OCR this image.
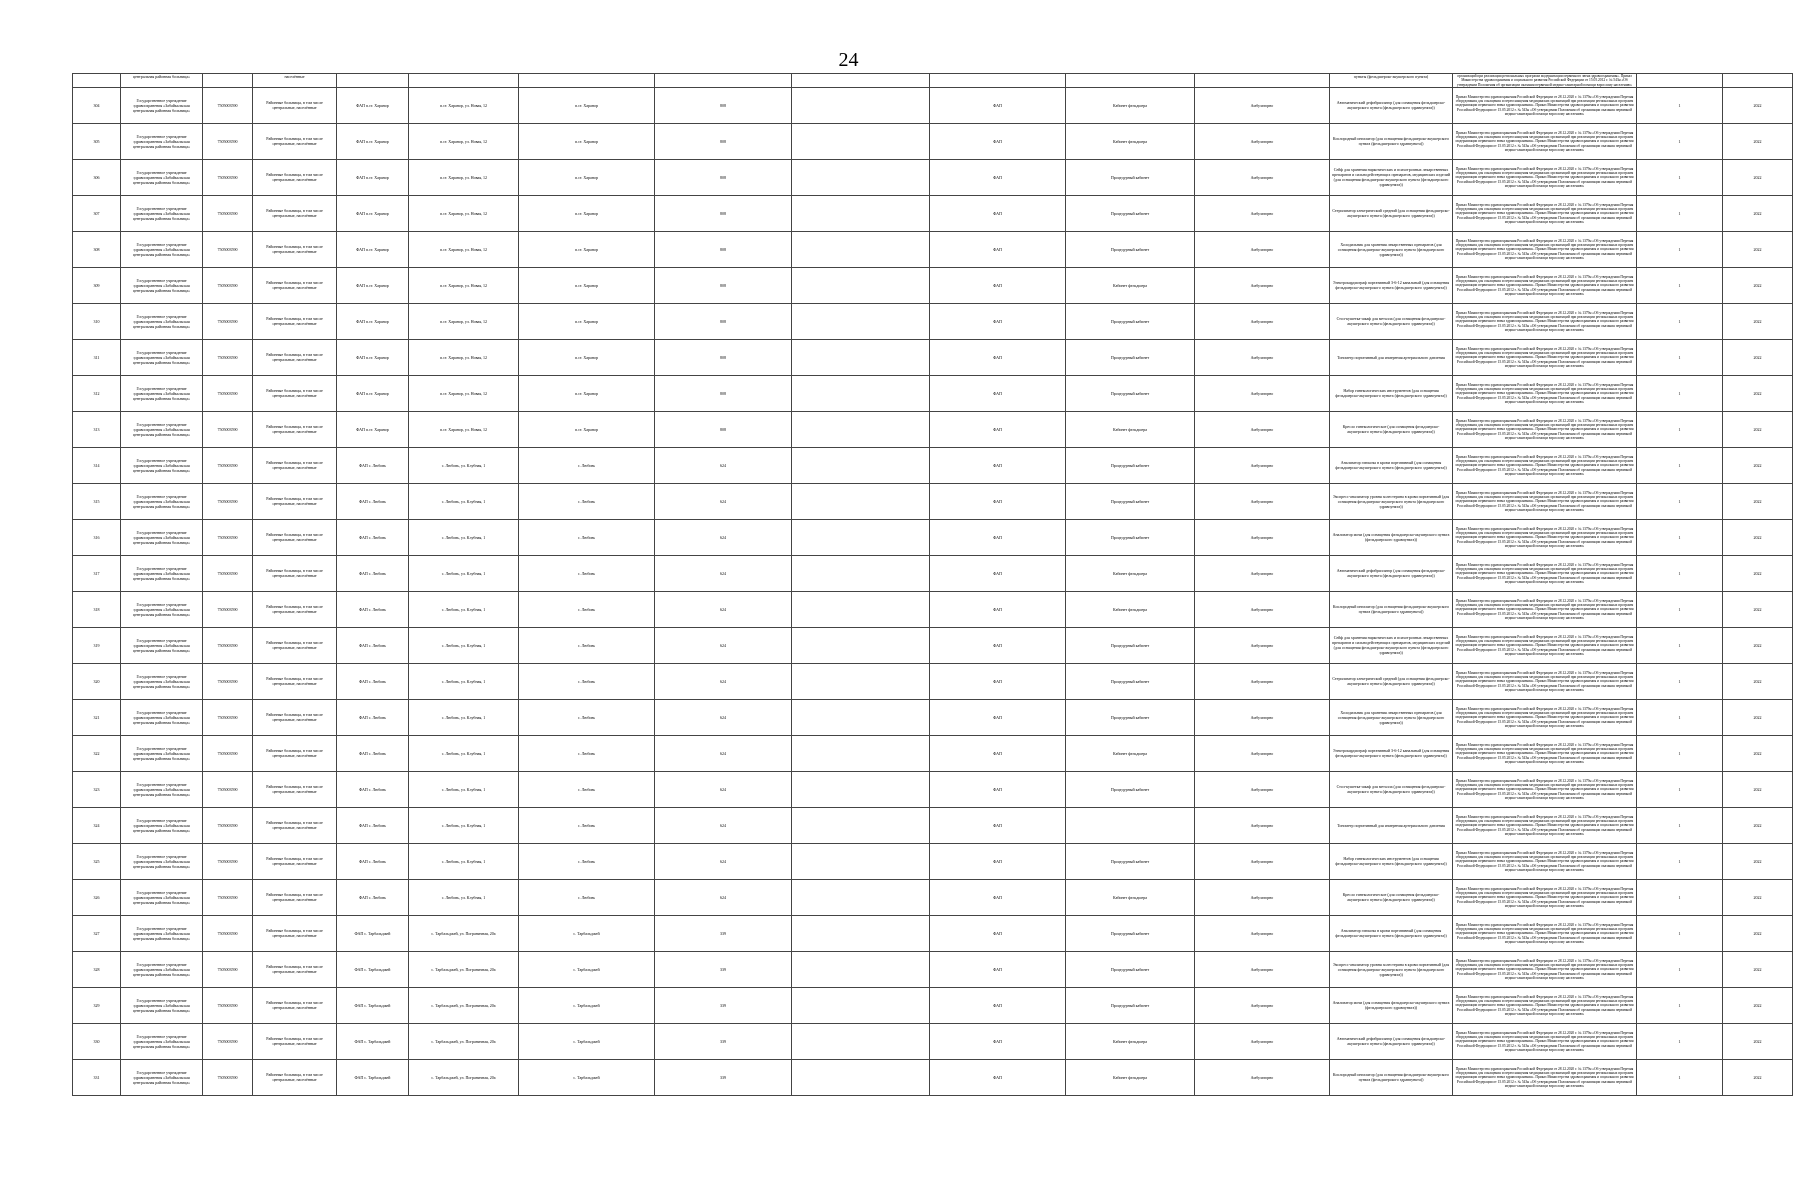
24
	центральная районная больница»		населённые									пункты (фельдшерско-акушерского пункта)	организаций при реализации региональных программ модернизации первичного звена здравоохранения». Приказ Министерства здравоохранения и социального развития Российской Федерации от 15.05.2012 г. № 543н «Об утверждении Положения об организации оказания первичной медико-санитарной помощи взрослому населению»		
304	Государственное учреждение здравоохранения «Забайкальская центральная районная больница»	7505003590	Районные больницы, в том числе центральные, населённые	ФАП п.ст. Харанор	п.ст. Харанор, ул. Новая, 12	п.ст. Харанор	808		ФАП	Кабинет фельдшера	Амбулаторно	Автоматический дефибриллятор (для оснащения фельдшерско-акушерского пункта (фельдшерского здравпункта))	Приказ Министерства здравоохранения Российской Федерации от 28.12.2020 г. № 1379н «Об утверждении Перечня оборудования для оснащения и переоснащения медицинских организаций при реализации региональных программ модернизации первичного звена здравоохранения». Приказ Министерства здравоохранения и социального развития Российской Федерации от 15.05.2012 г. № 543н «Об утверждении Положения об организации оказания первичной медико-санитарной помощи взрослому населению»	1	2022
305	Государственное учреждение здравоохранения «Забайкальская центральная районная больница»	7505003590	Районные больницы, в том числе центральные, населённые	ФАП п.ст. Харанор	п.ст. Харанор, ул. Новая, 12	п.ст. Харанор	808		ФАП	Кабинет фельдшера	Амбулаторно	Кислородный ингалятор (для оснащения фельдшерско-акушерского пункта (фельдшерского здравпункта))	Приказ Министерства здравоохранения Российской Федерации от 28.12.2020 г. № 1379н «Об утверждении Перечня оборудования для оснащения и переоснащения медицинских организаций при реализации региональных программ модернизации первичного звена здравоохранения». Приказ Министерства здравоохранения и социального развития Российской Федерации от 15.05.2012 г. № 543н «Об утверждении Положения об организации оказания первичной медико-санитарной помощи взрослому населению»	1	2022
306	Государственное учреждение здравоохранения «Забайкальская центральная районная больница»	7505003590	Районные больницы, в том числе центральные, населённые	ФАП п.ст. Харанор	п.ст. Харанор, ул. Новая, 12	п.ст. Харанор	808		ФАП	Процедурный кабинет	Амбулаторно	Сейф для хранения наркотических и психотропных лекарственных препаратов и сильнодействующих препаратов, медицинских изделий (для оснащения фельдшерско-акушерского пункта (фельдшерского здравпункта))	Приказ Министерства здравоохранения Российской Федерации от 28.12.2020 г. № 1379н «Об утверждении Перечня оборудования для оснащения и переоснащения медицинских организаций при реализации региональных программ модернизации первичного звена здравоохранения». Приказ Министерства здравоохранения и социального развития Российской Федерации от 15.05.2012 г. № 543н «Об утверждении Положения об организации оказания первичной медико-санитарной помощи взрослому населению»	1	2022
307	Государственное учреждение здравоохранения «Забайкальская центральная районная больница»	7505003590	Районные больницы, в том числе центральные, населённые	ФАП п.ст. Харанор	п.ст. Харанор, ул. Новая, 12	п.ст. Харанор	808		ФАП	Процедурный кабинет	Амбулаторно	Стерилизатор электрический средний (для оснащения фельдшерско-акушерского пункта (фельдшерского здравпункта))	Приказ Министерства здравоохранения Российской Федерации от 28.12.2020 г. № 1379н «Об утверждении Перечня оборудования для оснащения и переоснащения медицинских организаций при реализации региональных программ модернизации первичного звена здравоохранения». Приказ Министерства здравоохранения и социального развития Российской Федерации от 15.05.2012 г. № 543н «Об утверждении Положения об организации оказания первичной медико-санитарной помощи взрослому населению»	1	2022
308	Государственное учреждение здравоохранения «Забайкальская центральная районная больница»	7505003590	Районные больницы, в том числе центральные, населённые	ФАП п.ст. Харанор	п.ст. Харанор, ул. Новая, 12	п.ст. Харанор	808		ФАП	Процедурный кабинет	Амбулаторно	Холодильник для хранения лекарственных препаратов (для оснащения фельдшерско-акушерского пункта (фельдшерского здравпункта))	Приказ Министерства здравоохранения Российской Федерации от 28.12.2020 г. № 1379н «Об утверждении Перечня оборудования для оснащения и переоснащения медицинских организаций при реализации региональных программ модернизации первичного звена здравоохранения». Приказ Министерства здравоохранения и социального развития Российской Федерации от 15.05.2012 г. № 543н «Об утверждении Положения об организации оказания первичной медико-санитарной помощи взрослому населению»	1	2022
309	Государственное учреждение здравоохранения «Забайкальская центральная районная больница»	7505003590	Районные больницы, в том числе центральные, населённые	ФАП п.ст. Харанор	п.ст. Харанор, ул. Новая, 12	п.ст. Харанор	808		ФАП	Кабинет фельдшера	Амбулаторно	Электрокардиограф портативный 3-6-12 канальный (для оснащения фельдшерско-акушерского пункта (фельдшерского здравпункта))	Приказ Министерства здравоохранения Российской Федерации от 28.12.2020 г. № 1379н «Об утверждении Перечня оборудования для оснащения и переоснащения медицинских организаций при реализации региональных программ модернизации первичного звена здравоохранения». Приказ Министерства здравоохранения и социального развития Российской Федерации от 15.05.2012 г. № 543н «Об утверждении Положения об организации оказания первичной медико-санитарной помощи взрослому населению»	1	2022
310	Государственное учреждение здравоохранения «Забайкальская центральная районная больница»	7505003590	Районные больницы, в том числе центральные, населённые	ФАП п.ст. Харанор	п.ст. Харанор, ул. Новая, 12	п.ст. Харанор	808		ФАП	Процедурный кабинет	Амбулаторно	Стол-кушетка-шкаф для металла (для оснащения фельдшерско-акушерского пункта (фельдшерского здравпункта))	Приказ Министерства здравоохранения Российской Федерации от 28.12.2020 г. № 1379н «Об утверждении Перечня оборудования для оснащения и переоснащения медицинских организаций при реализации региональных программ модернизации первичного звена здравоохранения». Приказ Министерства здравоохранения и социального развития Российской Федерации от 15.05.2012 г. № 543н «Об утверждении Положения об организации оказания первичной медико-санитарной помощи взрослому населению»	1	2022
311	Государственное учреждение здравоохранения «Забайкальская центральная районная больница»	7505003590	Районные больницы, в том числе центральные, населённые	ФАП п.ст. Харанор	п.ст. Харанор, ул. Новая, 12	п.ст. Харанор	808		ФАП	Процедурный кабинет	Амбулаторно	Тонометр портативный для измерения артериального давления	Приказ Министерства здравоохранения Российской Федерации от 28.12.2020 г. № 1379н «Об утверждении Перечня оборудования для оснащения и переоснащения медицинских организаций при реализации региональных программ модернизации первичного звена здравоохранения». Приказ Министерства здравоохранения и социального развития Российской Федерации от 15.05.2012 г. № 543н «Об утверждении Положения об организации оказания первичной медико-санитарной помощи взрослому населению»	1	2022
312	Государственное учреждение здравоохранения «Забайкальская центральная районная больница»	7505003590	Районные больницы, в том числе центральные, населённые	ФАП п.ст. Харанор	п.ст. Харанор, ул. Новая, 12	п.ст. Харанор	808		ФАП	Процедурный кабинет	Амбулаторно	Набор гинекологических инструментов (для оснащения фельдшерско-акушерского пункта (фельдшерского здравпункта))	Приказ Министерства здравоохранения Российской Федерации от 28.12.2020 г. № 1379н «Об утверждении Перечня оборудования для оснащения и переоснащения медицинских организаций при реализации региональных программ модернизации первичного звена здравоохранения». Приказ Министерства здравоохранения и социального развития Российской Федерации от 15.05.2012 г. № 543н «Об утверждении Положения об организации оказания первичной медико-санитарной помощи взрослому населению»	1	2022
313	Государственное учреждение здравоохранения «Забайкальская центральная районная больница»	7505003590	Районные больницы, в том числе центральные, населённые	ФАП п.ст. Харанор	п.ст. Харанор, ул. Новая, 12	п.ст. Харанор	808		ФАП	Кабинет фельдшера	Амбулаторно	Кресло гинекологическое (для оснащения фельдшерско-акушерского пункта (фельдшерского здравпункта))	Приказ Министерства здравоохранения Российской Федерации от 28.12.2020 г. № 1379н «Об утверждении Перечня оборудования для оснащения и переоснащения медицинских организаций при реализации региональных программ модернизации первичного звена здравоохранения». Приказ Министерства здравоохранения и социального развития Российской Федерации от 15.05.2012 г. № 543н «Об утверждении Положения об организации оказания первичной медико-санитарной помощи взрослому населению»	1	2022
314	Государственное учреждение здравоохранения «Забайкальская центральная районная больница»	7505003590	Районные больницы, в том числе центральные, населённые	ФАП с. Любовь	с. Любовь, ул. Клубная, 1	с. Любовь	624		ФАП	Процедурный кабинет	Амбулаторно	Анализатор глюкозы в крови портативный (для оснащения фельдшерско-акушерского пункта (фельдшерского здравпункта))	Приказ Министерства здравоохранения Российской Федерации от 28.12.2020 г. № 1379н «Об утверждении Перечня оборудования для оснащения и переоснащения медицинских организаций при реализации региональных программ модернизации первичного звена здравоохранения». Приказ Министерства здравоохранения и социального развития Российской Федерации от 15.05.2012 г. № 543н «Об утверждении Положения об организации оказания первичной медико-санитарной помощи взрослому населению»	1	2022
315	Государственное учреждение здравоохранения «Забайкальская центральная районная больница»	7505003590	Районные больницы, в том числе центральные, населённые	ФАП с. Любовь	с. Любовь, ул. Клубная, 1	с. Любовь	624		ФАП	Процедурный кабинет	Амбулаторно	Экспресс-анализатор уровня холестерина в крови портативный (для оснащения фельдшерско-акушерского пункта (фельдшерского здравпункта))	Приказ Министерства здравоохранения Российской Федерации от 28.12.2020 г. № 1379н «Об утверждении Перечня оборудования для оснащения и переоснащения медицинских организаций при реализации региональных программ модернизации первичного звена здравоохранения». Приказ Министерства здравоохранения и социального развития Российской Федерации от 15.05.2012 г. № 543н «Об утверждении Положения об организации оказания первичной медико-санитарной помощи взрослому населению»	1	2022
316	Государственное учреждение здравоохранения «Забайкальская центральная районная больница»	7505003590	Районные больницы, в том числе центральные, населённые	ФАП с. Любовь	с. Любовь, ул. Клубная, 1	с. Любовь	624		ФАП	Процедурный кабинет	Амбулаторно	Анализатор мочи (для оснащения фельдшерско-акушерского пункта (фельдшерского здравпункта))	Приказ Министерства здравоохранения Российской Федерации от 28.12.2020 г. № 1379н «Об утверждении Перечня оборудования для оснащения и переоснащения медицинских организаций при реализации региональных программ модернизации первичного звена здравоохранения». Приказ Министерства здравоохранения и социального развития Российской Федерации от 15.05.2012 г. № 543н «Об утверждении Положения об организации оказания первичной медико-санитарной помощи взрослому населению»	1	2022
317	Государственное учреждение здравоохранения «Забайкальская центральная районная больница»	7505003590	Районные больницы, в том числе центральные, населённые	ФАП с. Любовь	с. Любовь, ул. Клубная, 1	с. Любовь	624		ФАП	Кабинет фельдшера	Амбулаторно	Автоматический дефибриллятор (для оснащения фельдшерско-акушерского пункта (фельдшерского здравпункта))	Приказ Министерства здравоохранения Российской Федерации от 28.12.2020 г. № 1379н «Об утверждении Перечня оборудования для оснащения и переоснащения медицинских организаций при реализации региональных программ модернизации первичного звена здравоохранения». Приказ Министерства здравоохранения и социального развития Российской Федерации от 15.05.2012 г. № 543н «Об утверждении Положения об организации оказания первичной медико-санитарной помощи взрослому населению»	1	2022
318	Государственное учреждение здравоохранения «Забайкальская центральная районная больница»	7505003590	Районные больницы, в том числе центральные, населённые	ФАП с. Любовь	с. Любовь, ул. Клубная, 1	с. Любовь	624		ФАП	Кабинет фельдшера	Амбулаторно	Кислородный ингалятор (для оснащения фельдшерско-акушерского пункта (фельдшерского здравпункта))	Приказ Министерства здравоохранения Российской Федерации от 28.12.2020 г. № 1379н «Об утверждении Перечня оборудования для оснащения и переоснащения медицинских организаций при реализации региональных программ модернизации первичного звена здравоохранения». Приказ Министерства здравоохранения и социального развития Российской Федерации от 15.05.2012 г. № 543н «Об утверждении Положения об организации оказания первичной медико-санитарной помощи взрослому населению»	1	2022
319	Государственное учреждение здравоохранения «Забайкальская центральная районная больница»	7505003590	Районные больницы, в том числе центральные, населённые	ФАП с. Любовь	с. Любовь, ул. Клубная, 1	с. Любовь	624		ФАП	Процедурный кабинет	Амбулаторно	Сейф для хранения наркотических и психотропных лекарственных препаратов и сильнодействующих препаратов, медицинских изделий (для оснащения фельдшерско-акушерского пункта (фельдшерского здравпункта))	Приказ Министерства здравоохранения Российской Федерации от 28.12.2020 г. № 1379н «Об утверждении Перечня оборудования для оснащения и переоснащения медицинских организаций при реализации региональных программ модернизации первичного звена здравоохранения». Приказ Министерства здравоохранения и социального развития Российской Федерации от 15.05.2012 г. № 543н «Об утверждении Положения об организации оказания первичной медико-санитарной помощи взрослому населению»	1	2022
320	Государственное учреждение здравоохранения «Забайкальская центральная районная больница»	7505003590	Районные больницы, в том числе центральные, населённые	ФАП с. Любовь	с. Любовь, ул. Клубная, 1	с. Любовь	624		ФАП	Процедурный кабинет	Амбулаторно	Стерилизатор электрический средний (для оснащения фельдшерско-акушерского пункта (фельдшерского здравпункта))	Приказ Министерства здравоохранения Российской Федерации от 28.12.2020 г. № 1379н «Об утверждении Перечня оборудования для оснащения и переоснащения медицинских организаций при реализации региональных программ модернизации первичного звена здравоохранения». Приказ Министерства здравоохранения и социального развития Российской Федерации от 15.05.2012 г. № 543н «Об утверждении Положения об организации оказания первичной медико-санитарной помощи взрослому населению»	1	2022
321	Государственное учреждение здравоохранения «Забайкальская центральная районная больница»	7505003590	Районные больницы, в том числе центральные, населённые	ФАП с. Любовь	с. Любовь, ул. Клубная, 1	с. Любовь	624		ФАП	Процедурный кабинет	Амбулаторно	Холодильник для хранения лекарственных препаратов (для оснащения фельдшерско-акушерского пункта (фельдшерского здравпункта))	Приказ Министерства здравоохранения Российской Федерации от 28.12.2020 г. № 1379н «Об утверждении Перечня оборудования для оснащения и переоснащения медицинских организаций при реализации региональных программ модернизации первичного звена здравоохранения». Приказ Министерства здравоохранения и социального развития Российской Федерации от 15.05.2012 г. № 543н «Об утверждении Положения об организации оказания первичной медико-санитарной помощи взрослому населению»	1	2022
322	Государственное учреждение здравоохранения «Забайкальская центральная районная больница»	7505003590	Районные больницы, в том числе центральные, населённые	ФАП с. Любовь	с. Любовь, ул. Клубная, 1	с. Любовь	624		ФАП	Кабинет фельдшера	Амбулаторно	Электрокардиограф портативный 3-6-12 канальный (для оснащения фельдшерско-акушерского пункта (фельдшерского здравпункта))	Приказ Министерства здравоохранения Российской Федерации от 28.12.2020 г. № 1379н «Об утверждении Перечня оборудования для оснащения и переоснащения медицинских организаций при реализации региональных программ модернизации первичного звена здравоохранения». Приказ Министерства здравоохранения и социального развития Российской Федерации от 15.05.2012 г. № 543н «Об утверждении Положения об организации оказания первичной медико-санитарной помощи взрослому населению»	1	2022
323	Государственное учреждение здравоохранения «Забайкальская центральная районная больница»	7505003590	Районные больницы, в том числе центральные, населённые	ФАП с. Любовь	с. Любовь, ул. Клубная, 1	с. Любовь	624		ФАП	Процедурный кабинет	Амбулаторно	Стол-кушетка-шкаф для металла (для оснащения фельдшерско-акушерского пункта (фельдшерского здравпункта))	Приказ Министерства здравоохранения Российской Федерации от 28.12.2020 г. № 1379н «Об утверждении Перечня оборудования для оснащения и переоснащения медицинских организаций при реализации региональных программ модернизации первичного звена здравоохранения». Приказ Министерства здравоохранения и социального развития Российской Федерации от 15.05.2012 г. № 543н «Об утверждении Положения об организации оказания первичной медико-санитарной помощи взрослому населению»	1	2022
324	Государственное учреждение здравоохранения «Забайкальская центральная районная больница»	7505003590	Районные больницы, в том числе центральные, населённые	ФАП с. Любовь	с. Любовь, ул. Клубная, 1	с. Любовь	624		ФАП		Амбулаторно	Тонометр портативный для измерения артериального давления	Приказ Министерства здравоохранения Российской Федерации от 28.12.2020 г. № 1379н «Об утверждении Перечня оборудования для оснащения и переоснащения медицинских организаций при реализации региональных программ модернизации первичного звена здравоохранения». Приказ Министерства здравоохранения и социального развития Российской Федерации от 15.05.2012 г. № 543н «Об утверждении Положения об организации оказания первичной медико-санитарной помощи взрослому населению»	1	2022
325	Государственное учреждение здравоохранения «Забайкальская центральная районная больница»	7505003590	Районные больницы, в том числе центральные, населённые	ФАП с. Любовь	с. Любовь, ул. Клубная, 1	с. Любовь	624		ФАП	Процедурный кабинет	Амбулаторно	Набор гинекологических инструментов (для оснащения фельдшерско-акушерского пункта (фельдшерского здравпункта))	Приказ Министерства здравоохранения Российской Федерации от 28.12.2020 г. № 1379н «Об утверждении Перечня оборудования для оснащения и переоснащения медицинских организаций при реализации региональных программ модернизации первичного звена здравоохранения». Приказ Министерства здравоохранения и социального развития Российской Федерации от 15.05.2012 г. № 543н «Об утверждении Положения об организации оказания первичной медико-санитарной помощи взрослому населению»	1	2022
326	Государственное учреждение здравоохранения «Забайкальская центральная районная больница»	7505003590	Районные больницы, в том числе центральные, населённые	ФАП с. Любовь	с. Любовь, ул. Клубная, 1	с. Любовь	624		ФАП	Кабинет фельдшера	Амбулаторно	Кресло гинекологическое (для оснащения фельдшерско-акушерского пункта (фельдшерского здравпункта))	Приказ Министерства здравоохранения Российской Федерации от 28.12.2020 г. № 1379н «Об утверждении Перечня оборудования для оснащения и переоснащения медицинских организаций при реализации региональных программ модернизации первичного звена здравоохранения». Приказ Министерства здравоохранения и социального развития Российской Федерации от 15.05.2012 г. № 543н «Об утверждении Положения об организации оказания первичной медико-санитарной помощи взрослому населению»	1	2022
327	Государственное учреждение здравоохранения «Забайкальская центральная районная больница»	7505003590	Районные больницы, в том числе центральные, населённые	ФАП с. Тарбальджей	с. Тарбальджей, ул. Пограничная, 20а	с. Тарбальджей	339		ФАП	Процедурный кабинет	Амбулаторно	Анализатор глюкозы в крови портативный (для оснащения фельдшерско-акушерского пункта (фельдшерского здравпункта))	Приказ Министерства здравоохранения Российской Федерации от 28.12.2020 г. № 1379н «Об утверждении Перечня оборудования для оснащения и переоснащения медицинских организаций при реализации региональных программ модернизации первичного звена здравоохранения». Приказ Министерства здравоохранения и социального развития Российской Федерации от 15.05.2012 г. № 543н «Об утверждении Положения об организации оказания первичной медико-санитарной помощи взрослому населению»	1	2022
328	Государственное учреждение здравоохранения «Забайкальская центральная районная больница»	7505003590	Районные больницы, в том числе центральные, населённые	ФАП с. Тарбальджей	с. Тарбальджей, ул. Пограничная, 20а	с. Тарбальджей	339		ФАП	Процедурный кабинет	Амбулаторно	Экспресс-анализатор уровня холестерина в крови портативный (для оснащения фельдшерско-акушерского пункта (фельдшерского здравпункта))	Приказ Министерства здравоохранения Российской Федерации от 28.12.2020 г. № 1379н «Об утверждении Перечня оборудования для оснащения и переоснащения медицинских организаций при реализации региональных программ модернизации первичного звена здравоохранения». Приказ Министерства здравоохранения и социального развития Российской Федерации от 15.05.2012 г. № 543н «Об утверждении Положения об организации оказания первичной медико-санитарной помощи взрослому населению»	1	2022
329	Государственное учреждение здравоохранения «Забайкальская центральная районная больница»	7505003590	Районные больницы, в том числе центральные, населённые	ФАП с. Тарбальджей	с. Тарбальджей, ул. Пограничная, 20а	с. Тарбальджей	339		ФАП	Процедурный кабинет	Амбулаторно	Анализатор мочи (для оснащения фельдшерско-акушерского пункта (фельдшерского здравпункта))	Приказ Министерства здравоохранения Российской Федерации от 28.12.2020 г. № 1379н «Об утверждении Перечня оборудования для оснащения и переоснащения медицинских организаций при реализации региональных программ модернизации первичного звена здравоохранения». Приказ Министерства здравоохранения и социального развития Российской Федерации от 15.05.2012 г. № 543н «Об утверждении Положения об организации оказания первичной медико-санитарной помощи взрослому населению»	1	2022
330	Государственное учреждение здравоохранения «Забайкальская центральная районная больница»	7505003590	Районные больницы, в том числе центральные, населённые	ФАП с. Тарбальджей	с. Тарбальджей, ул. Пограничная, 20а	с. Тарбальджей	339		ФАП	Кабинет фельдшера	Амбулаторно	Автоматический дефибриллятор (для оснащения фельдшерско-акушерского пункта (фельдшерского здравпункта))	Приказ Министерства здравоохранения Российской Федерации от 28.12.2020 г. № 1379н «Об утверждении Перечня оборудования для оснащения и переоснащения медицинских организаций при реализации региональных программ модернизации первичного звена здравоохранения». Приказ Министерства здравоохранения и социального развития Российской Федерации от 15.05.2012 г. № 543н «Об утверждении Положения об организации оказания первичной медико-санитарной помощи взрослому населению»	1	2022
331	Государственное учреждение здравоохранения «Забайкальская центральная районная больница»	7505003590	Районные больницы, в том числе центральные, населённые	ФАП с. Тарбальджей	с. Тарбальджей, ул. Пограничная, 20а	с. Тарбальджей	339		ФАП	Кабинет фельдшера	Амбулаторно	Кислородный ингалятор (для оснащения фельдшерско-акушерского пункта (фельдшерского здравпункта))	Приказ Министерства здравоохранения Российской Федерации от 28.12.2020 г. № 1379н «Об утверждении Перечня оборудования для оснащения и переоснащения медицинских организаций при реализации региональных программ модернизации первичного звена здравоохранения». Приказ Министерства здравоохранения и социального развития Российской Федерации от 15.05.2012 г. № 543н «Об утверждении Положения об организации оказания первичной медико-санитарной помощи взрослому населению»	1	2022
